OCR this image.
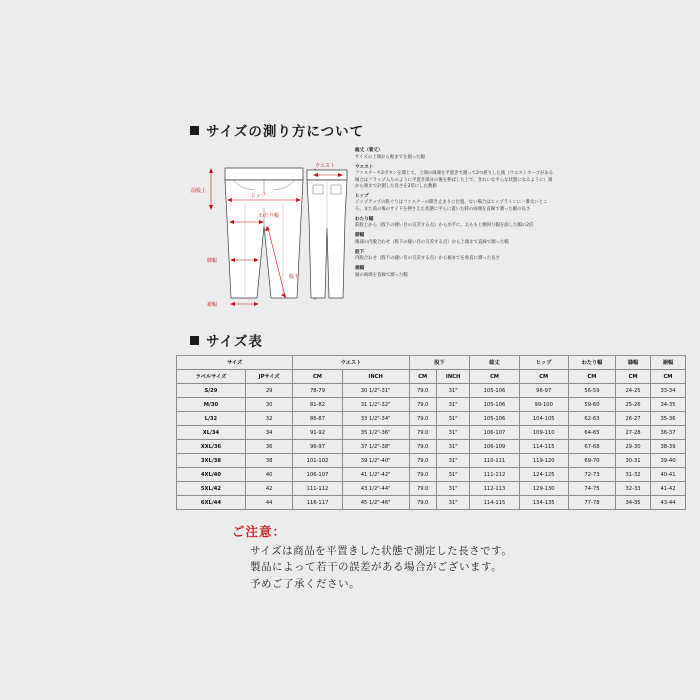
サイズの測り方について
前股上
ヒップ
わたり幅
股下
膝幅
裾幅
ウエスト
総丈（着丈）
サイズの上端から裾までを測った幅
ウエスト
ファスナーや2ボタンを開じて、上端の両端を平置きで測って2つ折りした後（ウエストカーブがある場合はフラップ入りのように平置き部分の後を伸ばした上で、きれいな平らな状態になるように）端から端まで計測した長さを2倍にした数値
ヒップ
ジップアップの股ぐりはファスナーの開き止まりに位置、ない場合はヒップラインに一番太いところ、また前の後のサイドを押さえた状態に平らに置いた時の両端を直線で測った幅の長さ
わたり幅
前股上から（股下の縫い目の交差する点）から水平に、太ももと腰回り幅を面した幅の2倍
膝幅
後部の内股合わせ（股下の縫い目の交差する点）から上端まで直線で測った幅
股下
内股合わせ（股下の縫い目の交差する点）から裾までを垂直に測った長さ
裾幅
裾の両端を直線で測った幅
サイズ表
サイズ		ウエスト		股下		総丈	ヒップ	わたり幅	膝幅	裾幅
ラベルサイズ	JPサイズ	CM	INCH	CM	INCH	CM	CM	CM	CM	CM
S/29	29	78-79	30 1/2"-31"	79.0	31"	105-106	96-97	56-59	24-25	33-34
M/30	30	81-82	31 1/2"-32"	79.0	31"	105-106	99-100	59-60	25-26	34-35
L/32	32	86-87	33 1/2"-34"	79.0	31"	105-106	104-105	62-63	26-27	35-36
XL/34	34	91-92	35 1/2"-36"	79.0	31"	106-107	109-110	64-65	27-28	36-37
XXL/36	36	96-97	37 1/2"-38"	79.0	31"	106-109	114-115	67-68	29-30	38-39
3XL/38	38	101-102	39 1/2"-40"	79.0	31"	110-111	119-120	69-70	30-31	39-40
4XL/40	40	106-107	41 1/2"-42"	79.0	31"	111-112	124-125	72-73	31-32	40-41
5XL/42	42	111-112	43 1/2"-44"	79.0	31"	112-113	129-130	74-75	32-33	41-42
6XL/44	44	116-117	45 1/2"-46"	79.0	31"	114-115	134-135	77-78	34-35	43-44
ご注意：
サイズは商品を平置きした状態で測定した長さです。
製品によって若干の誤差がある場合がございます。
予めご了承ください。
